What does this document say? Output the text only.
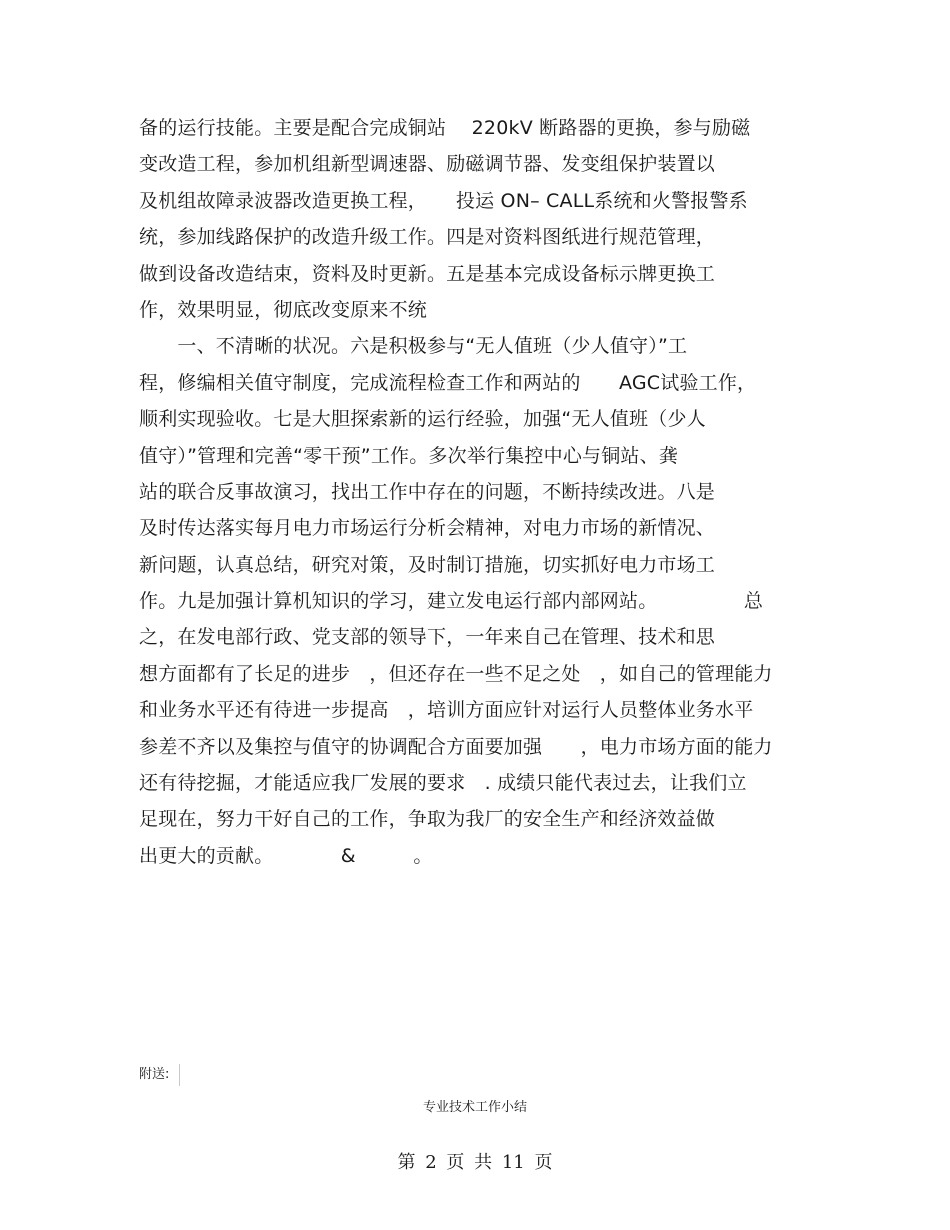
备的运行技能。主要是配合完成铜站　 220kV 断路器的更换，参与励磁
变改造工程，参加机组新型调速器、励磁调节器、发变组保护装置以
及机组故障录波器改造更换工程，　　投运 ON– CALL系统和火警报警系
统，参加线路保护的改造升级工作。四是对资料图纸进行规范管理，
做到设备改造结束，资料及时更新。五是基本完成设备标示牌更换工
作，效果明显，彻底改变原来不统
　　一、不清晰的状况。六是积极参与“无人值班（少人值守）”工
程，修编相关值守制度，完成流程检查工作和两站的　　AGC试验工作，
顺利实现验收。七是大胆探索新的运行经验，加强“无人值班（少人
值守）”管理和完善“零干预”工作。多次举行集控中心与铜站、龚
站的联合反事故演习，找出工作中存在的问题，不断持续改进。八是
及时传达落实每月电力市场运行分析会精神，对电力市场的新情况、
新问题，认真总结，研究对策，及时制订措施，切实抓好电力市场工
作。九是加强计算机知识的学习，建立发电运行部内部网站。　　　　　总
之，在发电部行政、党支部的领导下，一年来自己在管理、技术和思
想方面都有了长足的进步　，但还存在一些不足之处　，如自己的管理能力
和业务水平还有待进一步提高　，培训方面应针对运行人员整体业务水平
参差不齐以及集控与值守的协调配合方面要加强　　，电力市场方面的能力
还有待挖掘，才能适应我厂发展的要求　. 成绩只能代表过去，让我们立
足现在，努力干好自己的工作，争取为我厂的安全生产和经济效益做
出更大的贡献。　　　　&　　　。
附送:
专业技术工作小结
第 2 页 共 11 页
